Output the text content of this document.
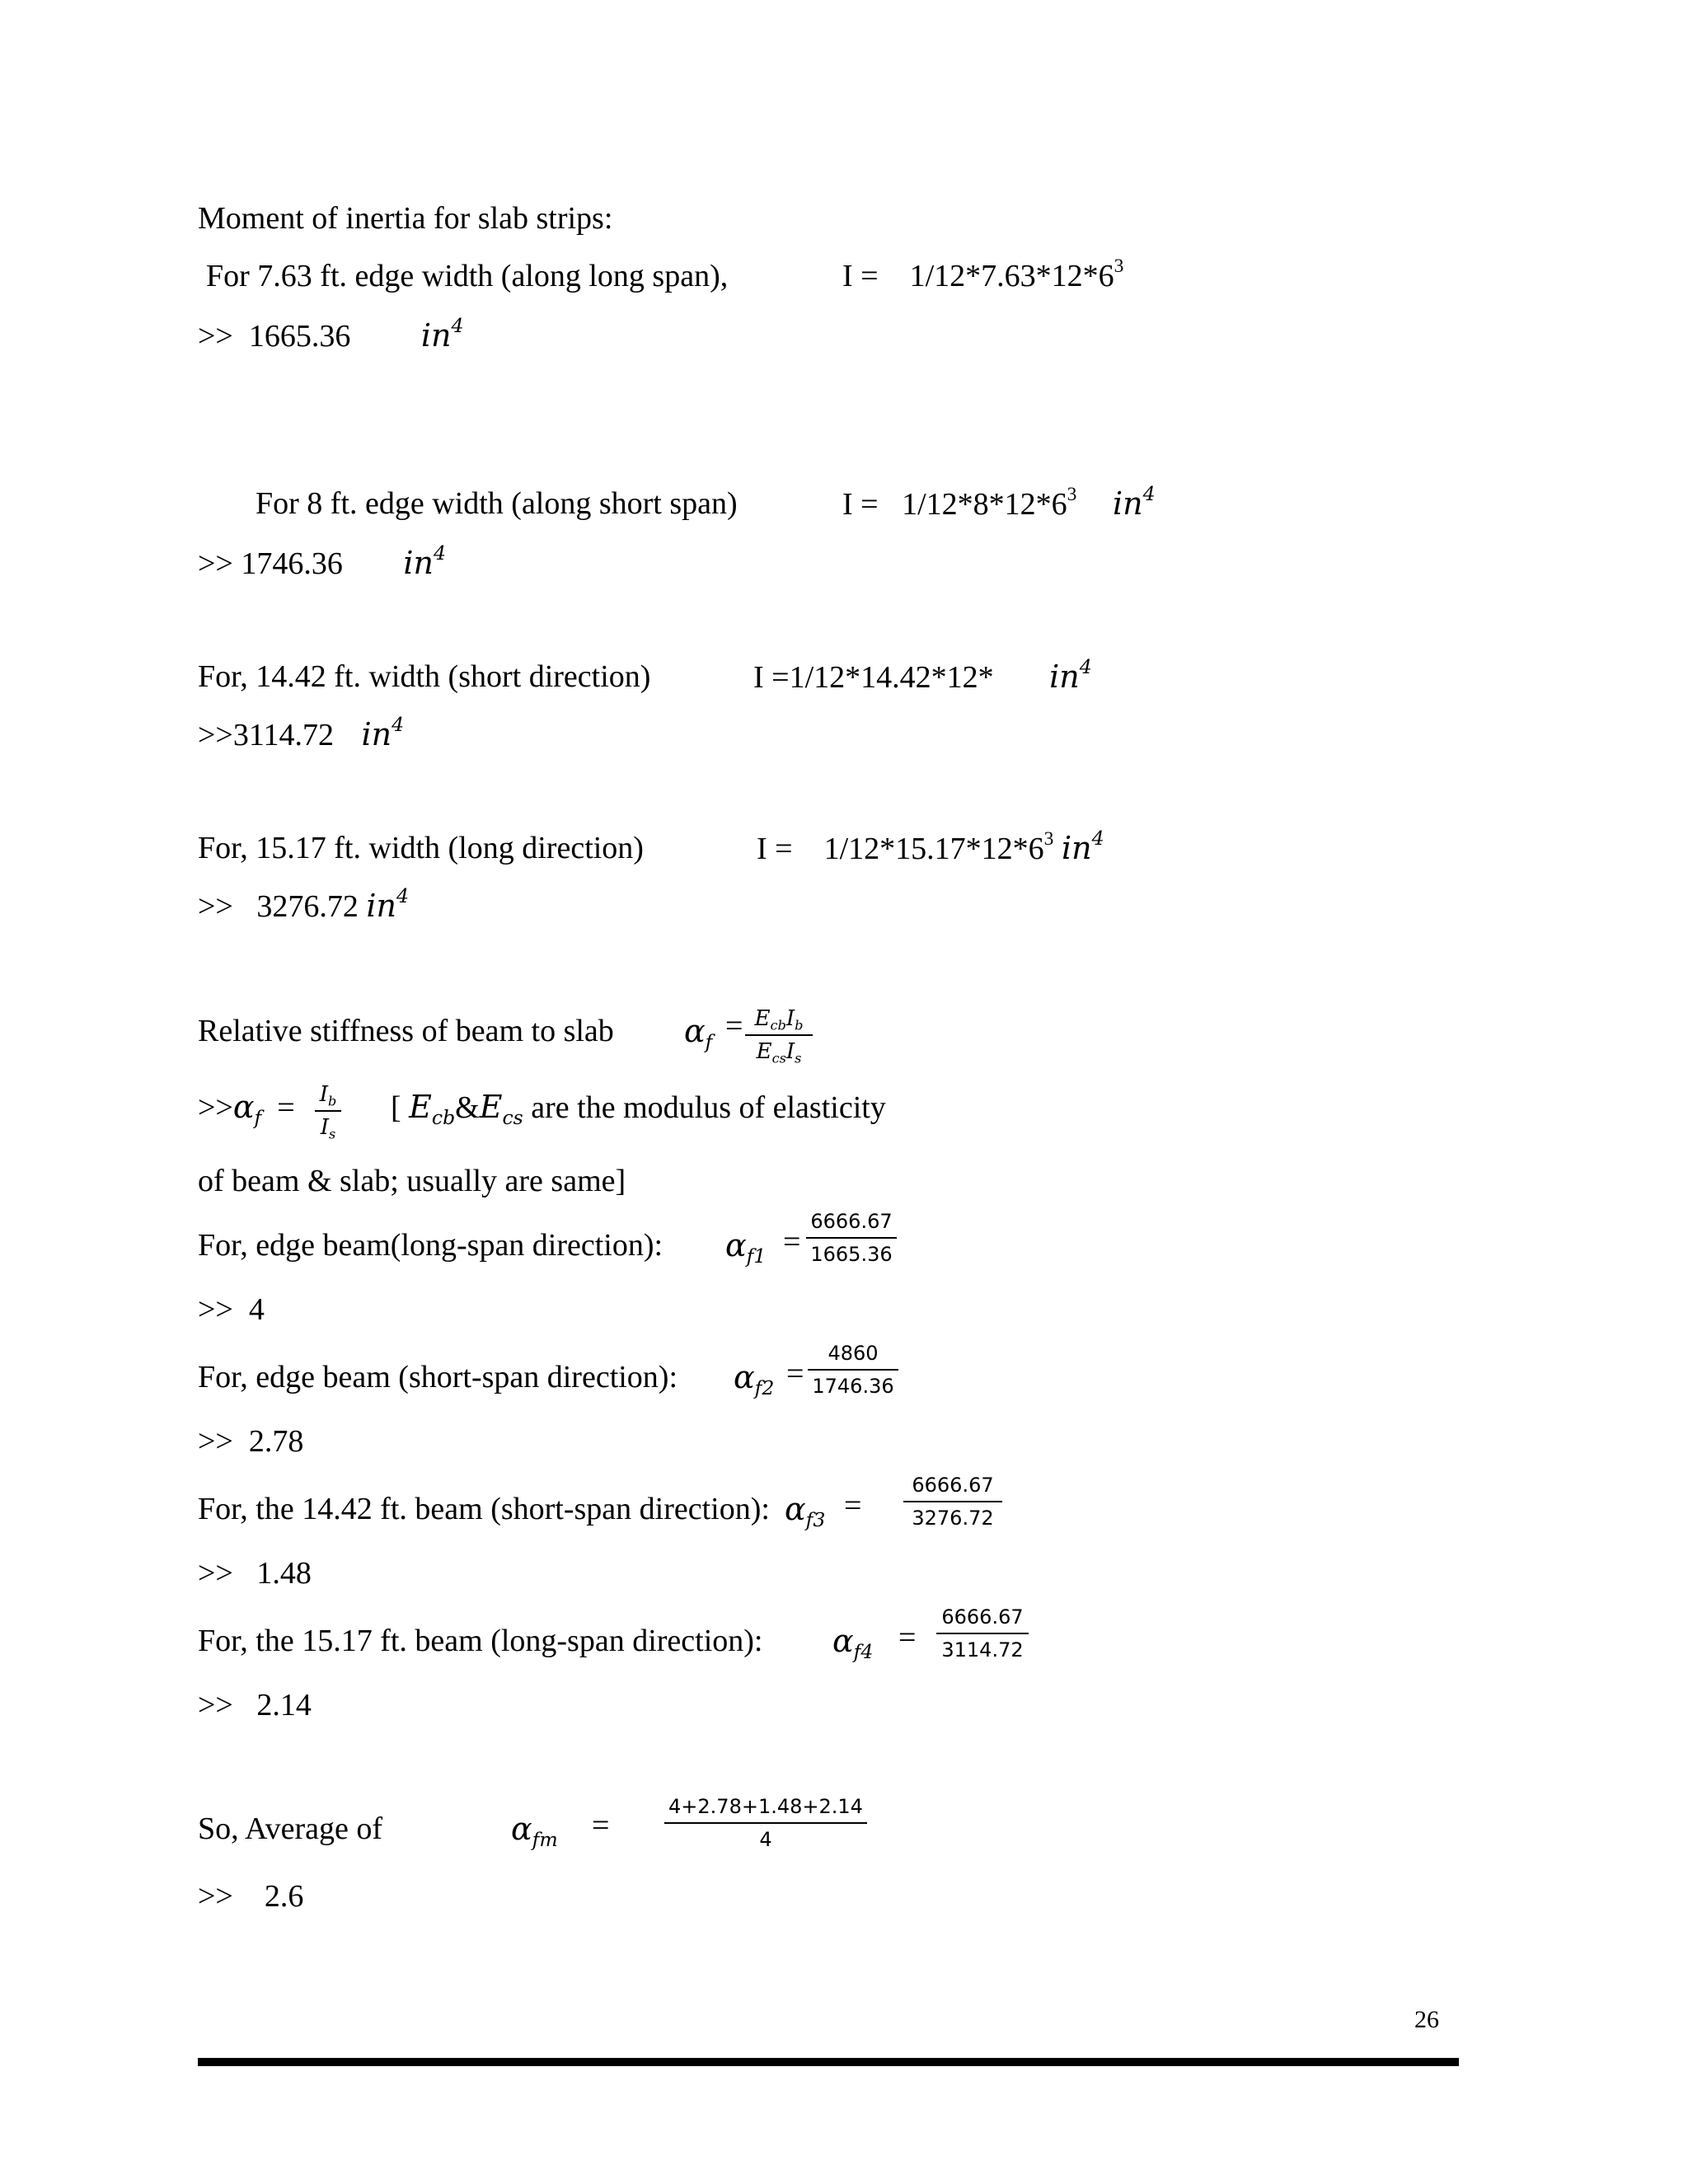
Moment of inertia for slab strips:
For 7.63 ft. edge width (along long span),	$I = 1/12*7.63*12*6^3$
>> 1665.36 $in^4$
For 8 ft. edge width (along short span)	$I = 1/12*8*12*6^3$ $in^4$
>> 1746.36 $in^4$
For, 14.42 ft. width (short direction)	I =1/12*14.42*12* $in^4$
>>3114.72 $in^4$
For, 15.17 ft. width (long direction)	$I = 1/12*15.17*12*6^3$ $in^4$
>> 3276.72 $in^4$
Relative stiffness of beam to slab $\alpha_f = E_{cb}I_b$
$E_{cs}I_s$
$>>\alpha_f = I_b$
$I_s$
[ $E_{cb}\&E_{cs}$ are the modulus of elasticity
of beam & slab; usually are same]
For, edge beam(long-span direction): $\alpha_{f1}$ =
6666.67
1665.36
>> 4
For, edge beam (short-span direction): $\alpha_{f2}$ =
4860
1746.36
>> 2.78
For, the 14.42 ft. beam (short-span direction): $\alpha_{f3}$ =
6666.67
3276.72
>> 1.48
For, the 15.17 ft. beam (long-span direction): $\alpha_{f4}$ =
6666.67
3114.72
>> 2.14
So, Average of	$\alpha_{fm}$ =
4+2.78+1.48+2.14
4
>> 2.6
26
